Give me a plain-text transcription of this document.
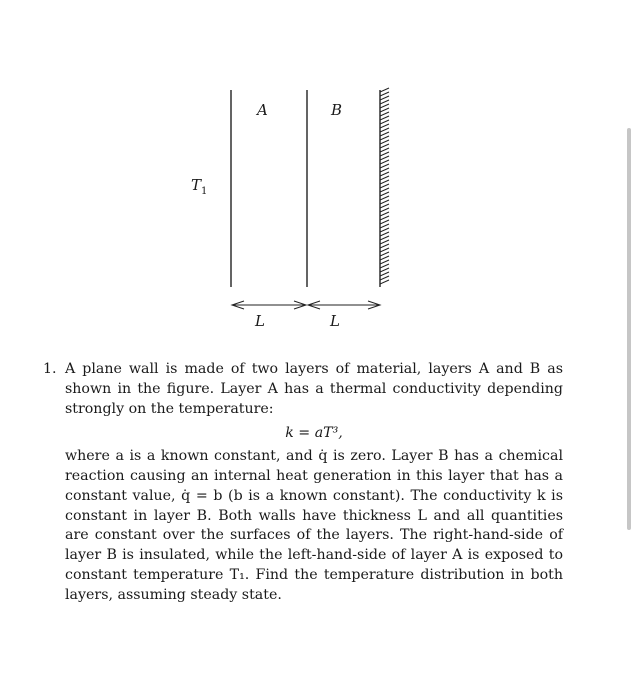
$T_1$
A	B
L	L
1. A plane wall is made of two layers of material, layers A and B as shown in the figure. Layer A has a thermal conductivity depending strongly on the temperature:

k = aT³,

where a is a known constant, and q̇ is zero. Layer B has a chemical reaction causing an internal heat generation in this layer that has a constant value, q̇ = b (b is a known constant). The conductivity k is constant in layer B. Both walls have thickness L and all quantities are constant over the surfaces of the layers. The right-hand-side of layer B is insulated, while the left-hand-side of layer A is exposed to constant temperature T₁. Find the temperature distribution in both layers, assuming steady state.
